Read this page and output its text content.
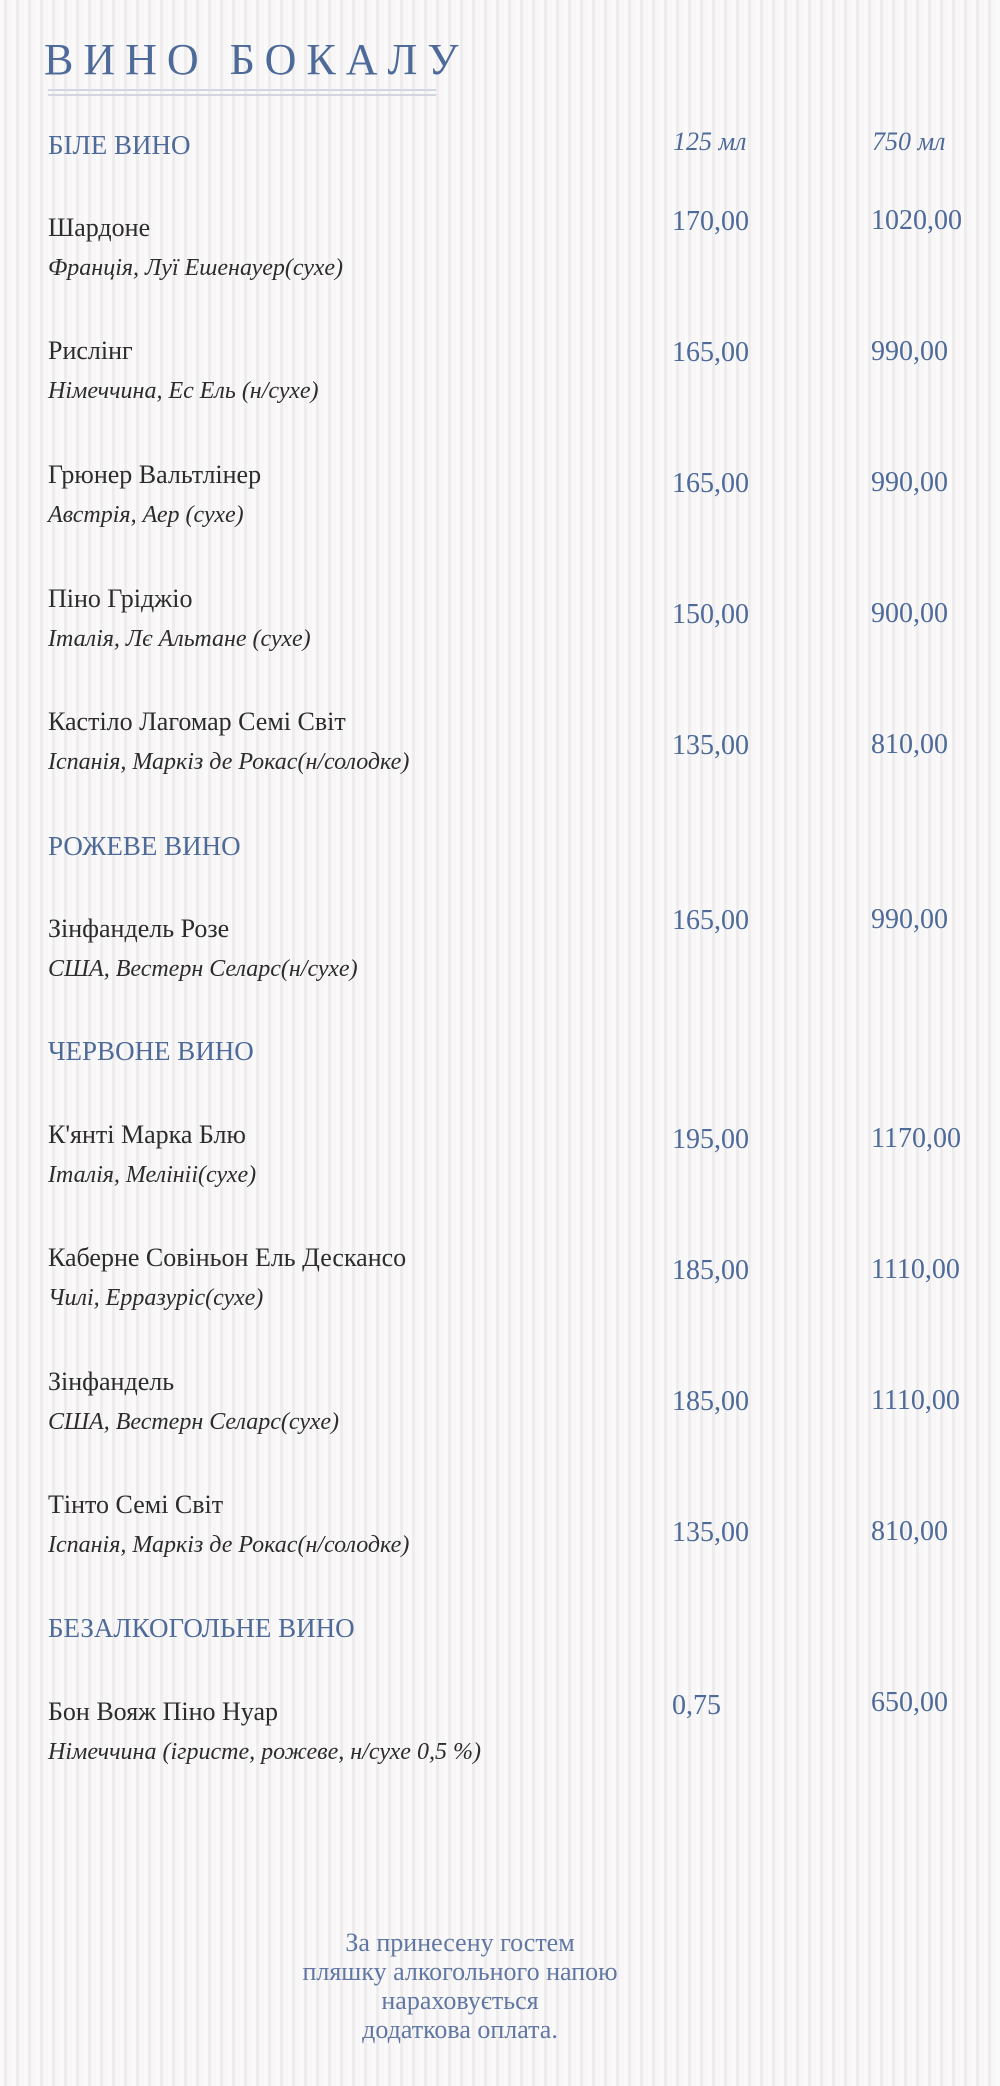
ВИНО БОКАЛУ
125 мл	750 мл
БІЛЕ ВИНО
Шардоне
Франція, Луї Ешенауер(сухе)
170,00	1020,00
Рислінг
Німеччина, Ес Ель (н/сухе)
165,00	990,00
Грюнер Вальтлінер
Австрія, Аер (сухе)
165,00	990,00
Піно Гріджіо
Італія, Лє Альтане (сухе)
150,00	900,00
Кастіло Лагомар Семі Світ
Іспанія, Маркіз де Рокас(н/солодке)
135,00	810,00
РОЖЕВЕ ВИНО
Зінфандель Розе
США, Вестерн Селарс(н/сухе)
165,00	990,00
ЧЕРВОНЕ ВИНО
К'янті Марка Блю
Італія, Мелініi(сухе)
195,00	1170,00
Каберне Совіньон Ель Дескансо
Чилі, Ерразуріс(сухе)
185,00	1110,00
Зінфандель
США, Вестерн Селарс(сухе)
185,00	1110,00
Тінто Семі Світ
Іспанія, Маркіз де Рокас(н/солодке)	135,00	810,00
БЕЗАЛКОГОЛЬНЕ ВИНО
Бон Вояж Піно Нуар
Німеччина (ігристе, рожеве, н/сухе 0,5 %)
0,75	650,00
За принесену гостем
пляшку алкогольного напою
нараховується
додаткова оплата.
